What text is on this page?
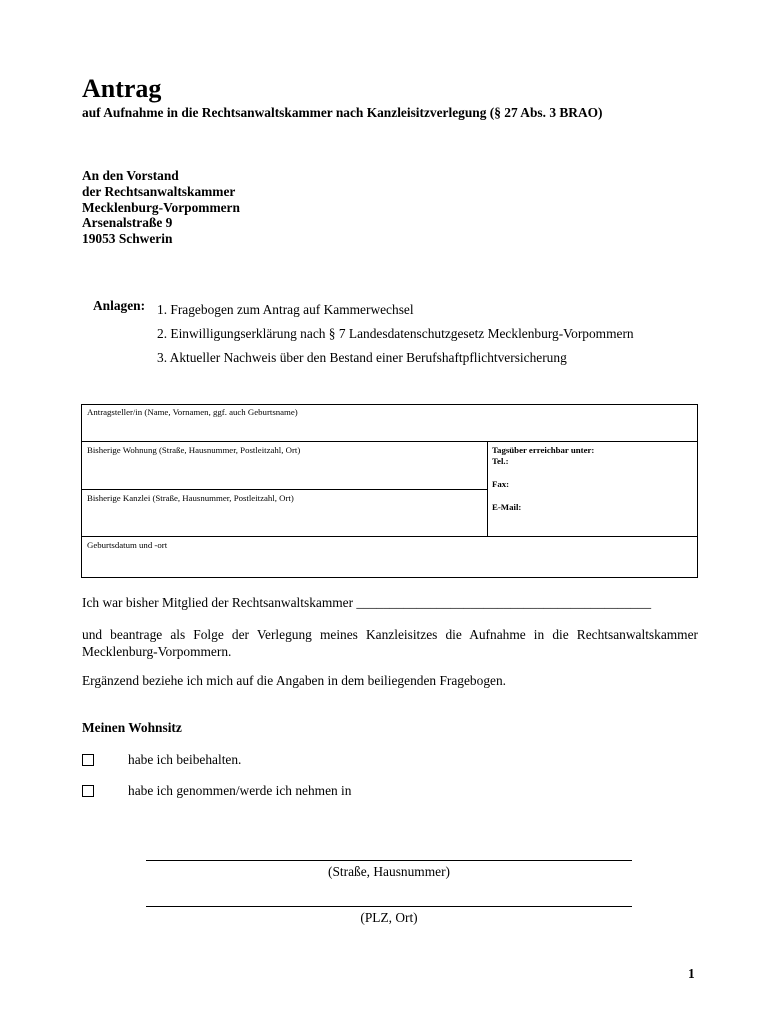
Antrag
auf Aufnahme in die Rechtsanwaltskammer nach Kanzleisitzverlegung (§ 27 Abs. 3 BRAO)
An den Vorstand
der Rechtsanwaltskammer
Mecklenburg-Vorpommern
Arsenalstraße 9
19053 Schwerin
Anlagen: 1. Fragebogen zum Antrag auf Kammerwechsel
2. Einwilligungserklärung nach § 7 Landesdatenschutzgesetz Mecklenburg-Vorpommern
3. Aktueller Nachweis über den Bestand einer Berufshaftpflichtversicherung
Antragsteller/in (Name, Vornamen, ggf. auch Geburtsname)
Bisherige Wohnung (Straße, Hausnummer, Postleitzahl, Ort)
Bisherige Kanzlei (Straße, Hausnummer, Postleitzahl, Ort)
Tagsüber erreichbar unter:
Tel.:
Fax:
E-Mail:
Geburtsdatum und -ort
Ich war bisher Mitglied der Rechtsanwaltskammer ____________________________________________
und beantrage als Folge der Verlegung meines Kanzleisitzes die Aufnahme in die Rechtsanwaltskammer Mecklenburg-Vorpommern.
Ergänzend beziehe ich mich auf die Angaben in dem beiliegenden Fragebogen.
Meinen Wohnsitz
habe ich beibehalten.
habe ich genommen/werde ich nehmen in
(Straße, Hausnummer)
(PLZ, Ort)
1
